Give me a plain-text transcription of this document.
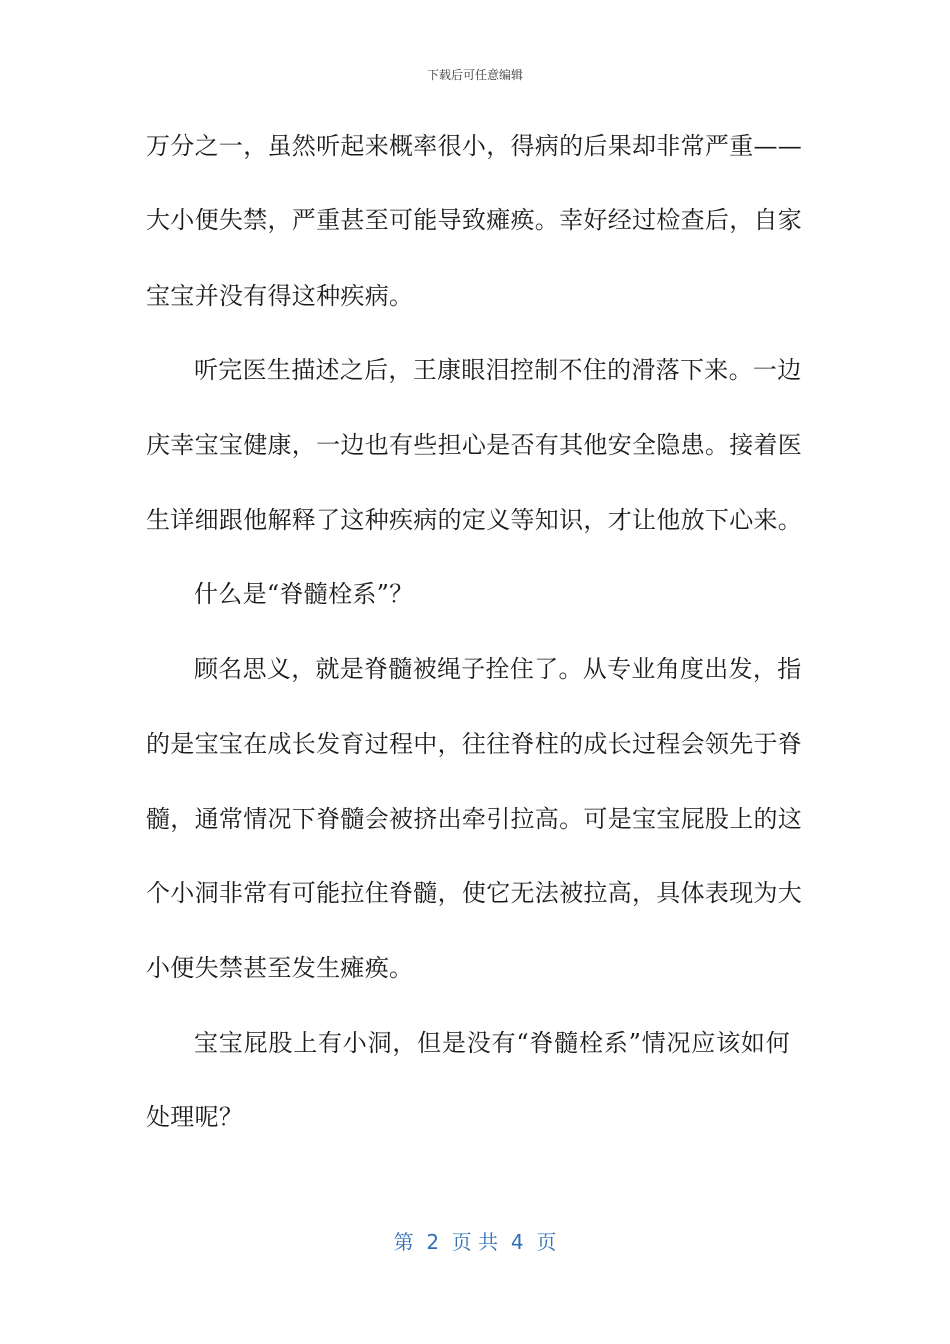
下载后可任意编辑
万分之一，虽然听起来概率很小，得病的后果却非常严重——
大小便失禁，严重甚至可能导致瘫痪。幸好经过检查后，自家
宝宝并没有得这种疾病。
听完医生描述之后，王康眼泪控制不住的滑落下来。一边
庆幸宝宝健康，一边也有些担心是否有其他安全隐患。接着医
生详细跟他解释了这种疾病的定义等知识，才让他放下心来。
什么是“脊髓栓系”？
顾名思义，就是脊髓被绳子拴住了。从专业角度出发，指
的是宝宝在成长发育过程中，往往脊柱的成长过程会领先于脊
髓，通常情况下脊髓会被挤出牵引拉高。可是宝宝屁股上的这
个小洞非常有可能拉住脊髓，使它无法被拉高，具体表现为大
小便失禁甚至发生瘫痪。
宝宝屁股上有小洞，但是没有“脊髓栓系”情况应该如何
处理呢？
第  2  页 共  4  页
